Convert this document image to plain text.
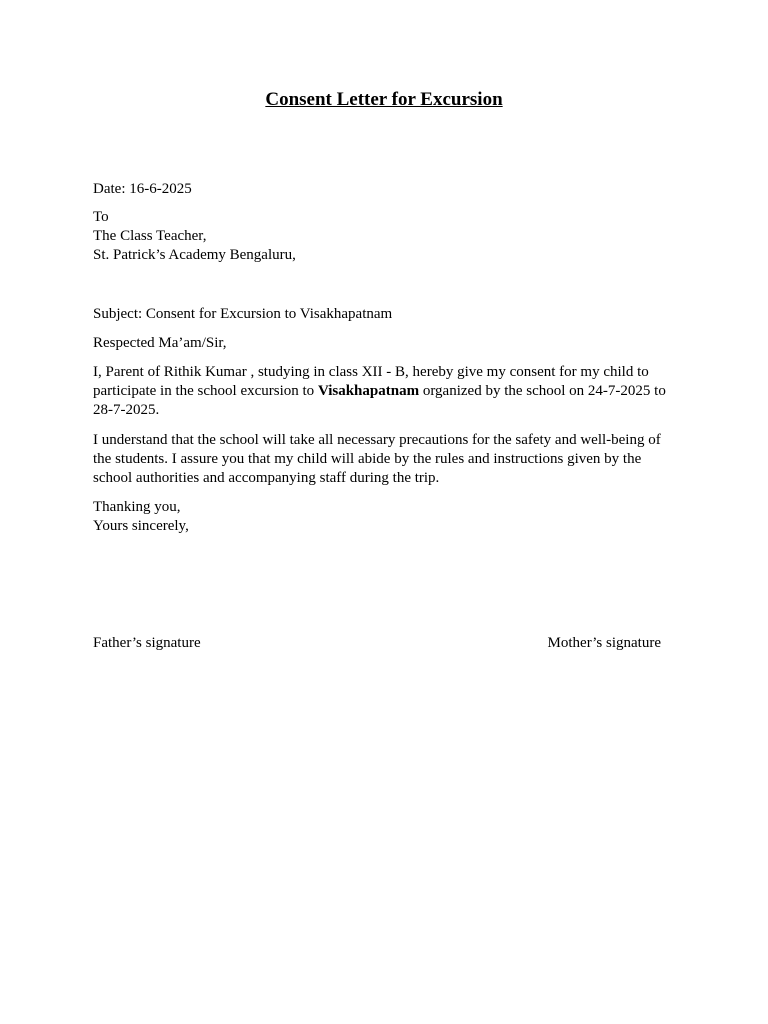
Consent Letter for Excursion
Date: 16-6-2025
To
The Class Teacher,
St. Patrick’s Academy Bengaluru,
Subject: Consent for Excursion to Visakhapatnam
Respected Ma’am/Sir,
I, Parent of Rithik Kumar , studying in class XII - B, hereby give my consent for my child to participate in the school excursion to Visakhapatnam organized by the school on 24-7-2025 to 28-7-2025.
I understand that the school will take all necessary precautions for the safety and well-being of the students. I assure you that my child will abide by the rules and instructions given by the school authorities and accompanying staff during the trip.
Thanking you,
Yours sincerely,
Father’s signature	Mother’s signature
